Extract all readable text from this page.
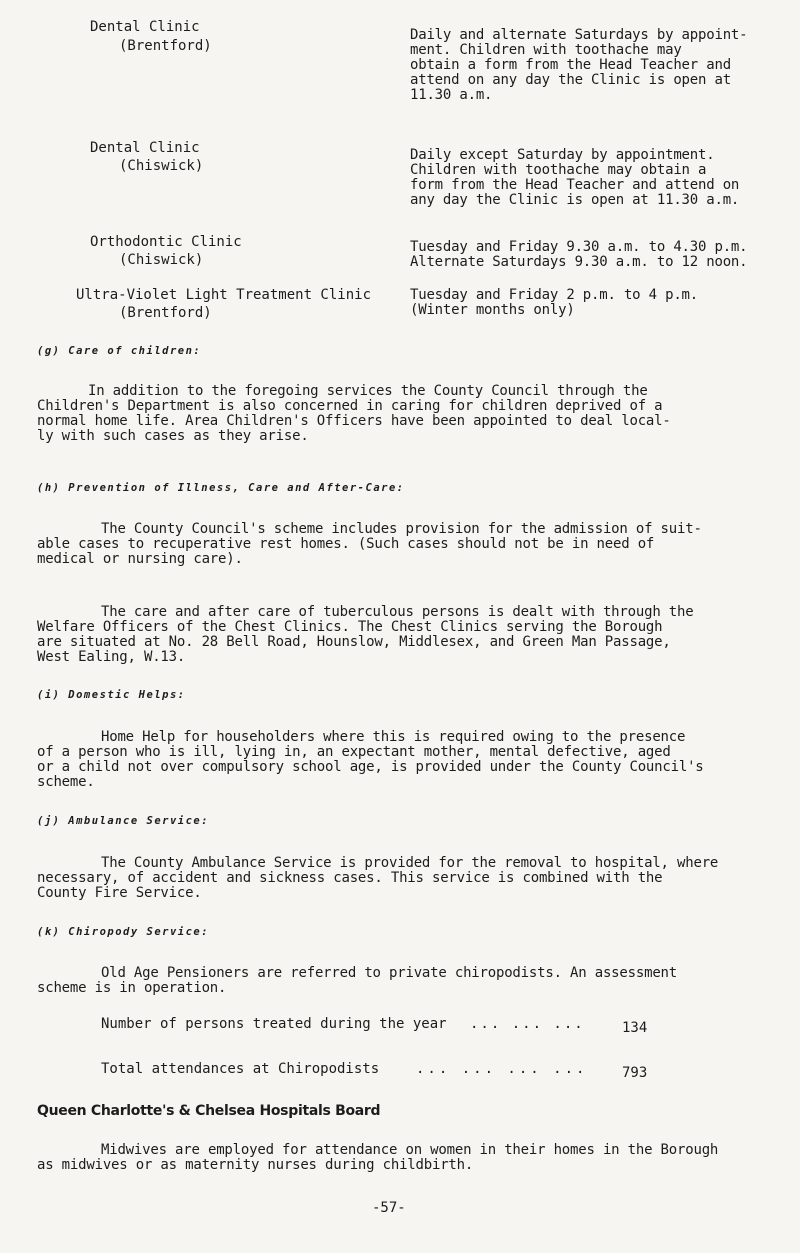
Dental Clinic
(Brentford)
Daily and alternate Saturdays by appoint-
ment. Children with toothache may
obtain a form from the Head Teacher and
attend on any day the Clinic is open at
11.30 a.m.
Dental Clinic
(Chiswick)
Daily except Saturday by appointment.
Children with toothache may obtain a
form from the Head Teacher and attend on
any day the Clinic is open at 11.30 a.m.
Orthodontic Clinic
(Chiswick)
Tuesday and Friday 9.30 a.m. to 4.30 p.m.
Alternate Saturdays 9.30 a.m. to 12 noon.
Ultra-Violet Light Treatment Clinic
(Brentford)
Tuesday and Friday 2 p.m. to 4 p.m.
(Winter months only)
(g) Care of children:
In addition to the foregoing services the County Council through the
Children's Department is also concerned in caring for children deprived of a
normal home life. Area Children's Officers have been appointed to deal local-
ly with such cases as they arise.
(h) Prevention of Illness, Care and After-Care:
The County Council's scheme includes provision for the admission of suit-
able cases to recuperative rest homes. (Such cases should not be in need of
medical or nursing care).
The care and after care of tuberculous persons is dealt with through the
Welfare Officers of the Chest Clinics. The Chest Clinics serving the Borough
are situated at No. 28 Bell Road, Hounslow, Middlesex, and Green Man Passage,
West Ealing, W.13.
(i) Domestic Helps:
Home Help for householders where this is required owing to the presence
of a person who is ill, lying in, an expectant mother, mental defective, aged
or a child not over compulsory school age, is provided under the County Council's
scheme.
(j) Ambulance Service:
The County Ambulance Service is provided for the removal to hospital, where
necessary, of accident and sickness cases. This service is combined with the
County Fire Service.
(k) Chiropody Service:
Old Age Pensioners are referred to private chiropodists. An assessment
scheme is in operation.
Number of persons treated during the year ... ... ...	134
Total attendances at Chiropodists	... ... ... ... 793
Queen Charlotte's & Chelsea Hospitals Board
Midwives are employed for attendance on women in their homes in the Borough
as midwives or as maternity nurses during childbirth.
-57-
